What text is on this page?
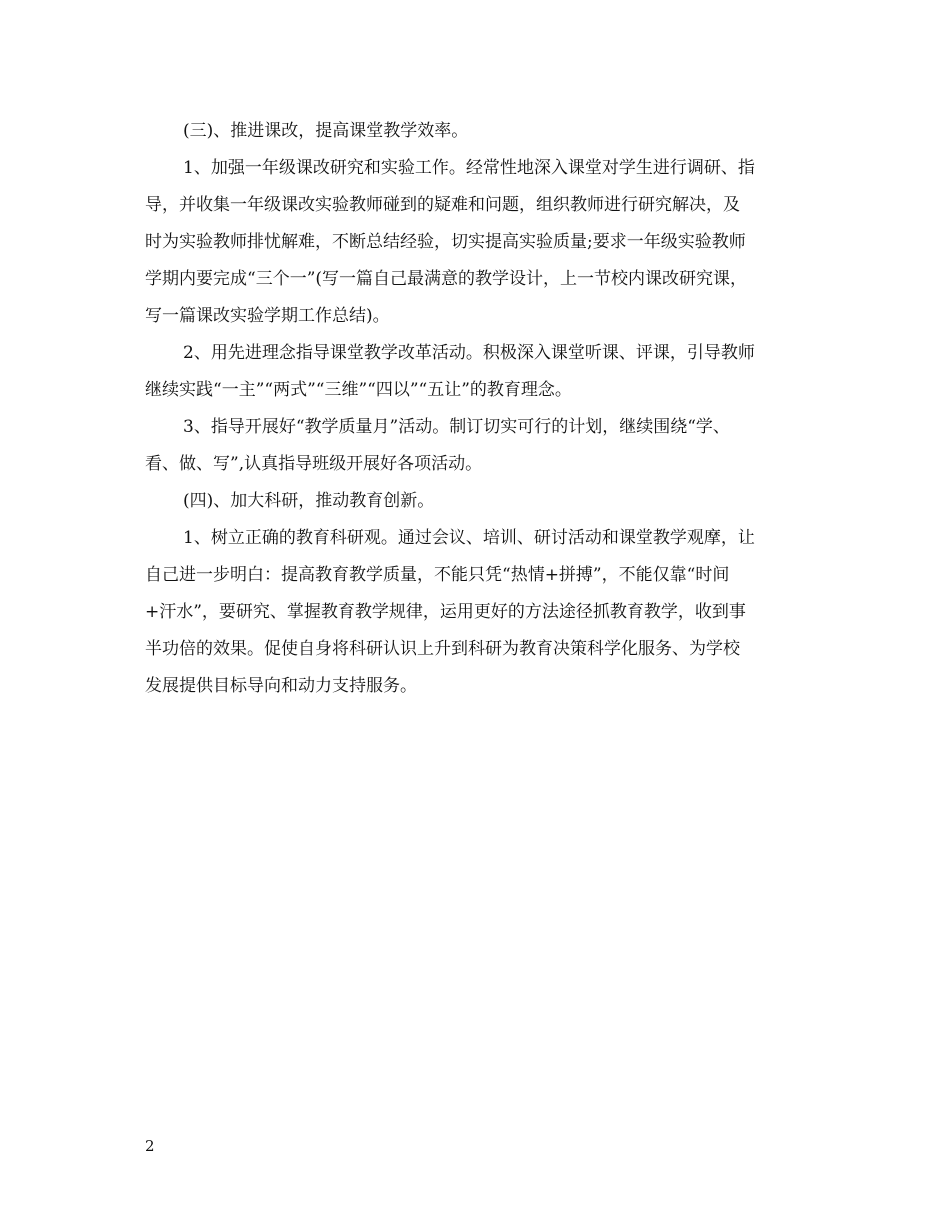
(三)、推进课改，提高课堂教学效率。
1、加强一年级课改研究和实验工作。经常性地深入课堂对学生进行调研、指
导，并收集一年级课改实验教师碰到的疑难和问题，组织教师进行研究解决，及
时为实验教师排忧解难，不断总结经验，切实提高实验质量;要求一年级实验教师
学期内要完成“三个一”(写一篇自己最满意的教学设计，上一节校内课改研究课，
写一篇课改实验学期工作总结)。
2、用先进理念指导课堂教学改革活动。积极深入课堂听课、评课，引导教师
继续实践“一主”“两式”“三维”“四以”“五让”的教育理念。
3、指导开展好“教学质量月”活动。制订切实可行的计划，继续围绕“学、
看、做、写”,认真指导班级开展好各项活动。
(四)、加大科研，推动教育创新。
1、树立正确的教育科研观。通过会议、培训、研讨活动和课堂教学观摩，让
自己进一步明白：提高教育教学质量，不能只凭“热情+拼搏”，不能仅靠“时间
+汗水”，要研究、掌握教育教学规律，运用更好的方法途径抓教育教学，收到事
半功倍的效果。促使自身将科研认识上升到科研为教育决策科学化服务、为学校
发展提供目标导向和动力支持服务。
2
